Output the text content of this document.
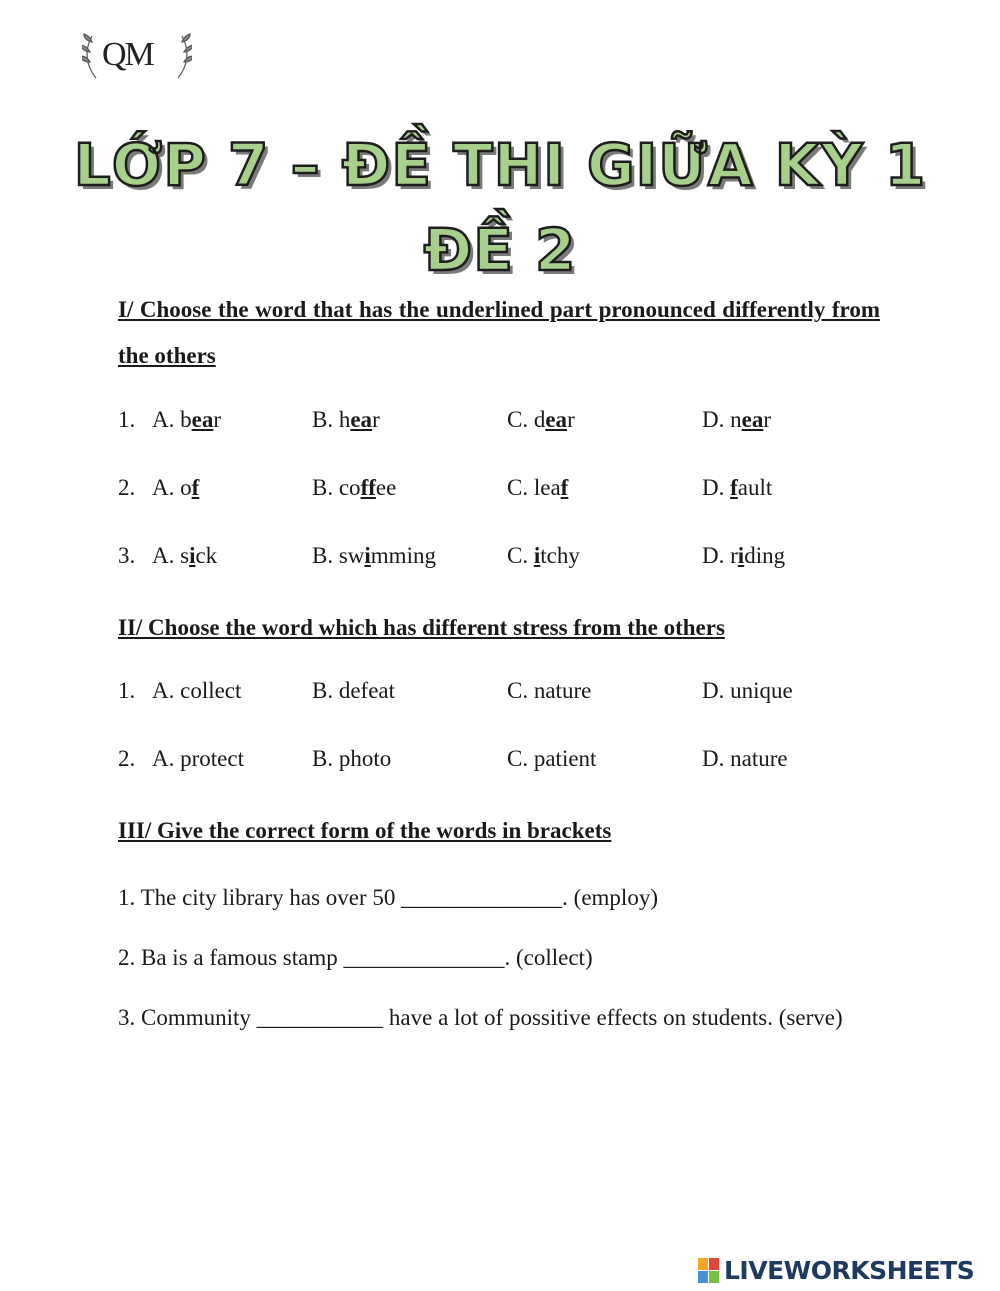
QM
LỚP 7 – ĐỀ THI GIỮA KỲ 1
ĐỀ 2
I/ Choose the word that has the underlined part pronounced differently from the others
1. A. bear	B. hear	C. dear	D. near
2. A. of	B. coffee	C. leaf	D. fault
3. A. sick	B. swimming	C. itchy	D. riding
II/ Choose the word which has different stress from the others
1. A. collect	B. defeat	C. nature	D. unique
2. A. protect	B. photo	C. patient	D. nature
III/ Give the correct form of the words in brackets
1. The city library has over 50 ______________. (employ)
2. Ba is a famous stamp ______________. (collect)
3. Community ___________ have a lot of possitive effects on students. (serve)
LIVEWORKSHEETS
